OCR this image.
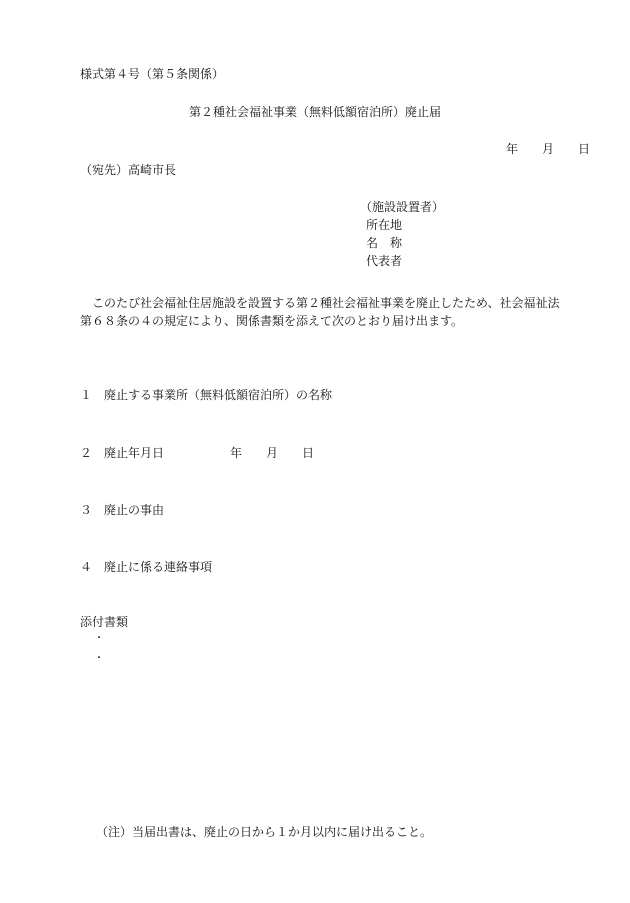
様式第４号（第５条関係）
第２種社会福祉事業（無料低額宿泊所）廃止届
年 月 日
（宛先）高崎市長
（施設設置者）
所在地
名　称
代表者
　このたび社会福祉住居施設を設置する第２種社会福祉事業を廃止したため、社会福祉法
第６８条の４の規定により、関係書類を添えて次のとおり届け出ます。
１ 廃止する事業所（無料低額宿泊所）の名称
２ 廃止年月日	年 月 日
３ 廃止の事由
４ 廃止に係る連絡事項
添付書類
・
・
（注）当届出書は、廃止の日から１か月以内に届け出ること。
